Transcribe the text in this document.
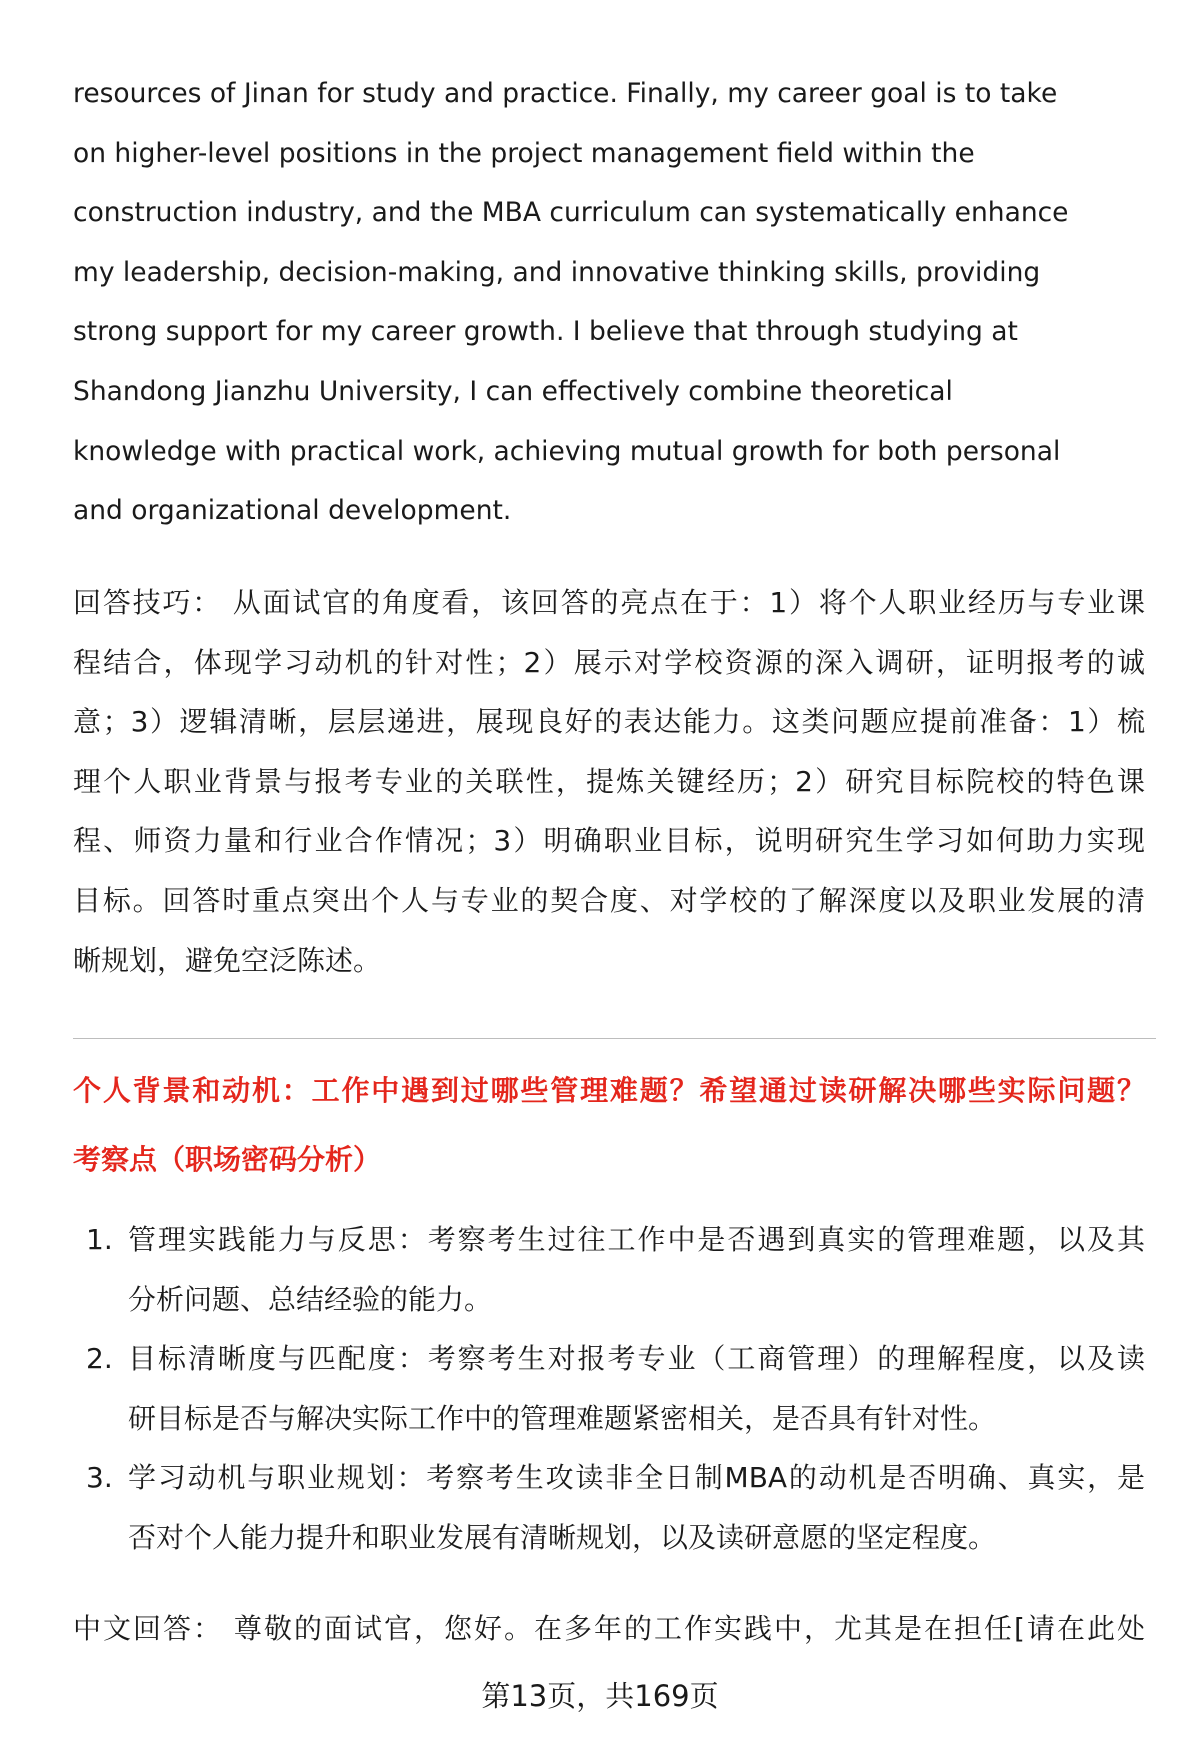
resources of Jinan for study and practice. Finally, my career goal is to take
on higher-level positions in the project management field within the
construction industry, and the MBA curriculum can systematically enhance
my leadership, decision-making, and innovative thinking skills, providing
strong support for my career growth. I believe that through studying at
Shandong Jianzhu University, I can effectively combine theoretical
knowledge with practical work, achieving mutual growth for both personal
and organizational development.
回答技巧： 从面试官的角度看，该回答的亮点在于：1）将个人职业经历与专业课
程结合，体现学习动机的针对性；2）展示对学校资源的深入调研，证明报考的诚
意；3）逻辑清晰，层层递进，展现良好的表达能力。这类问题应提前准备：1）梳
理个人职业背景与报考专业的关联性，提炼关键经历；2）研究目标院校的特色课
程、师资力量和行业合作情况；3）明确职业目标，说明研究生学习如何助力实现
目标。回答时重点突出个人与专业的契合度、对学校的了解深度以及职业发展的清
晰规划，避免空泛陈述。
个人背景和动机：工作中遇到过哪些管理难题？希望通过读研解决哪些实际问题？
考察点（职场密码分析）
1. 管理实践能力与反思：考察考生过往工作中是否遇到真实的管理难题，以及其
分析问题、总结经验的能力。
2. 目标清晰度与匹配度：考察考生对报考专业（工商管理）的理解程度，以及读
研目标是否与解决实际工作中的管理难题紧密相关，是否具有针对性。
3. 学习动机与职业规划：考察考生攻读非全日制MBA的动机是否明确、真实，是
否对个人能力提升和职业发展有清晰规划，以及读研意愿的坚定程度。
中文回答： 尊敬的面试官，您好。在多年的工作实践中，尤其是在担任[请在此处
第13页，共169页
